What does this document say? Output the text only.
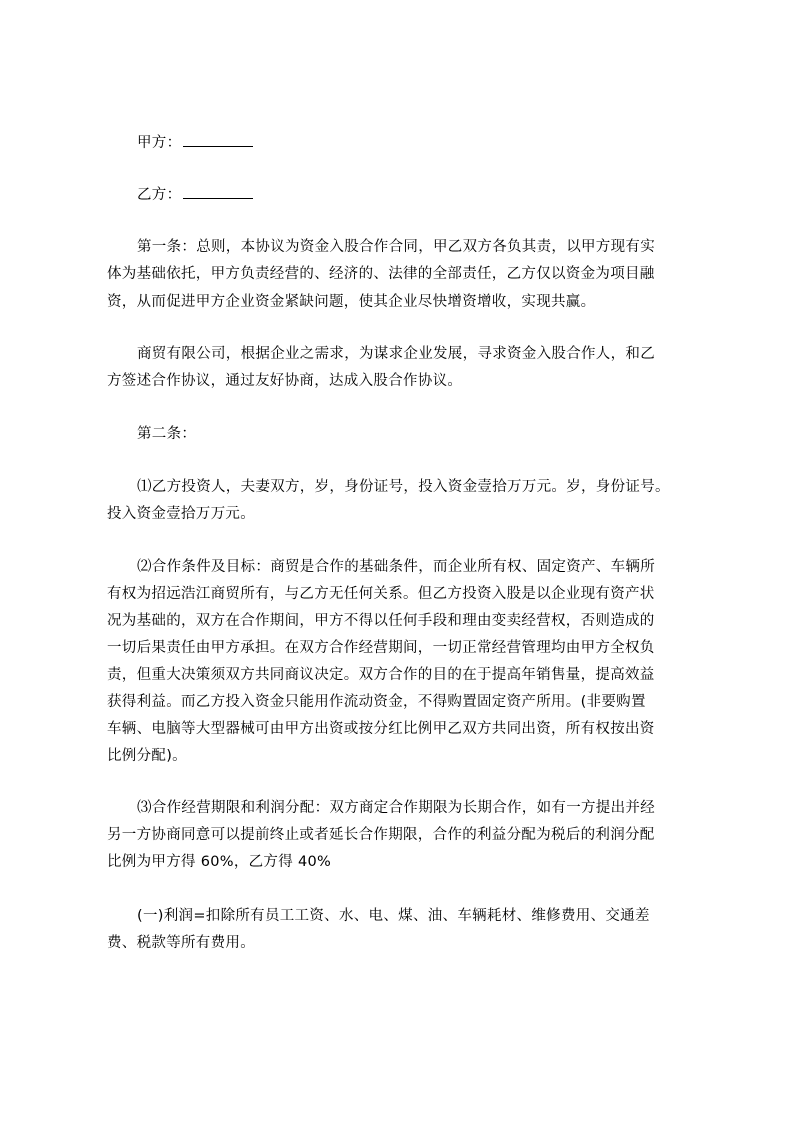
甲方：
乙方：
第一条：总则，本协议为资金入股合作合同，甲乙双方各负其责，以甲方现有实
体为基础依托，甲方负责经营的、经济的、法律的全部责任，乙方仅以资金为项目融
资，从而促进甲方企业资金紧缺问题，使其企业尽快增资增收，实现共赢。
商贸有限公司，根据企业之需求，为谋求企业发展，寻求资金入股合作人，和乙
方签述合作协议，通过友好协商，达成入股合作协议。
第二条：
⑴乙方投资人，夫妻双方，岁，身份证号，投入资金壹拾万万元。岁，身份证号。
投入资金壹拾万万元。
⑵合作条件及目标：商贸是合作的基础条件，而企业所有权、固定资产、车辆所
有权为招远浩江商贸所有，与乙方无任何关系。但乙方投资入股是以企业现有资产状
况为基础的，双方在合作期间，甲方不得以任何手段和理由变卖经营权，否则造成的
一切后果责任由甲方承担。在双方合作经营期间，一切正常经营管理均由甲方全权负
责，但重大决策须双方共同商议决定。双方合作的目的在于提高年销售量，提高效益
获得利益。而乙方投入资金只能用作流动资金，不得购置固定资产所用。(非要购置
车辆、电脑等大型器械可由甲方出资或按分红比例甲乙双方共同出资，所有权按出资
比例分配)。
⑶合作经营期限和利润分配：双方商定合作期限为长期合作，如有一方提出并经
另一方协商同意可以提前终止或者延长合作期限，合作的利益分配为税后的利润分配
比例为甲方得 60%，乙方得 40%
(一)利润=扣除所有员工工资、水、电、煤、油、车辆耗材、维修费用、交通差
费、税款等所有费用。
